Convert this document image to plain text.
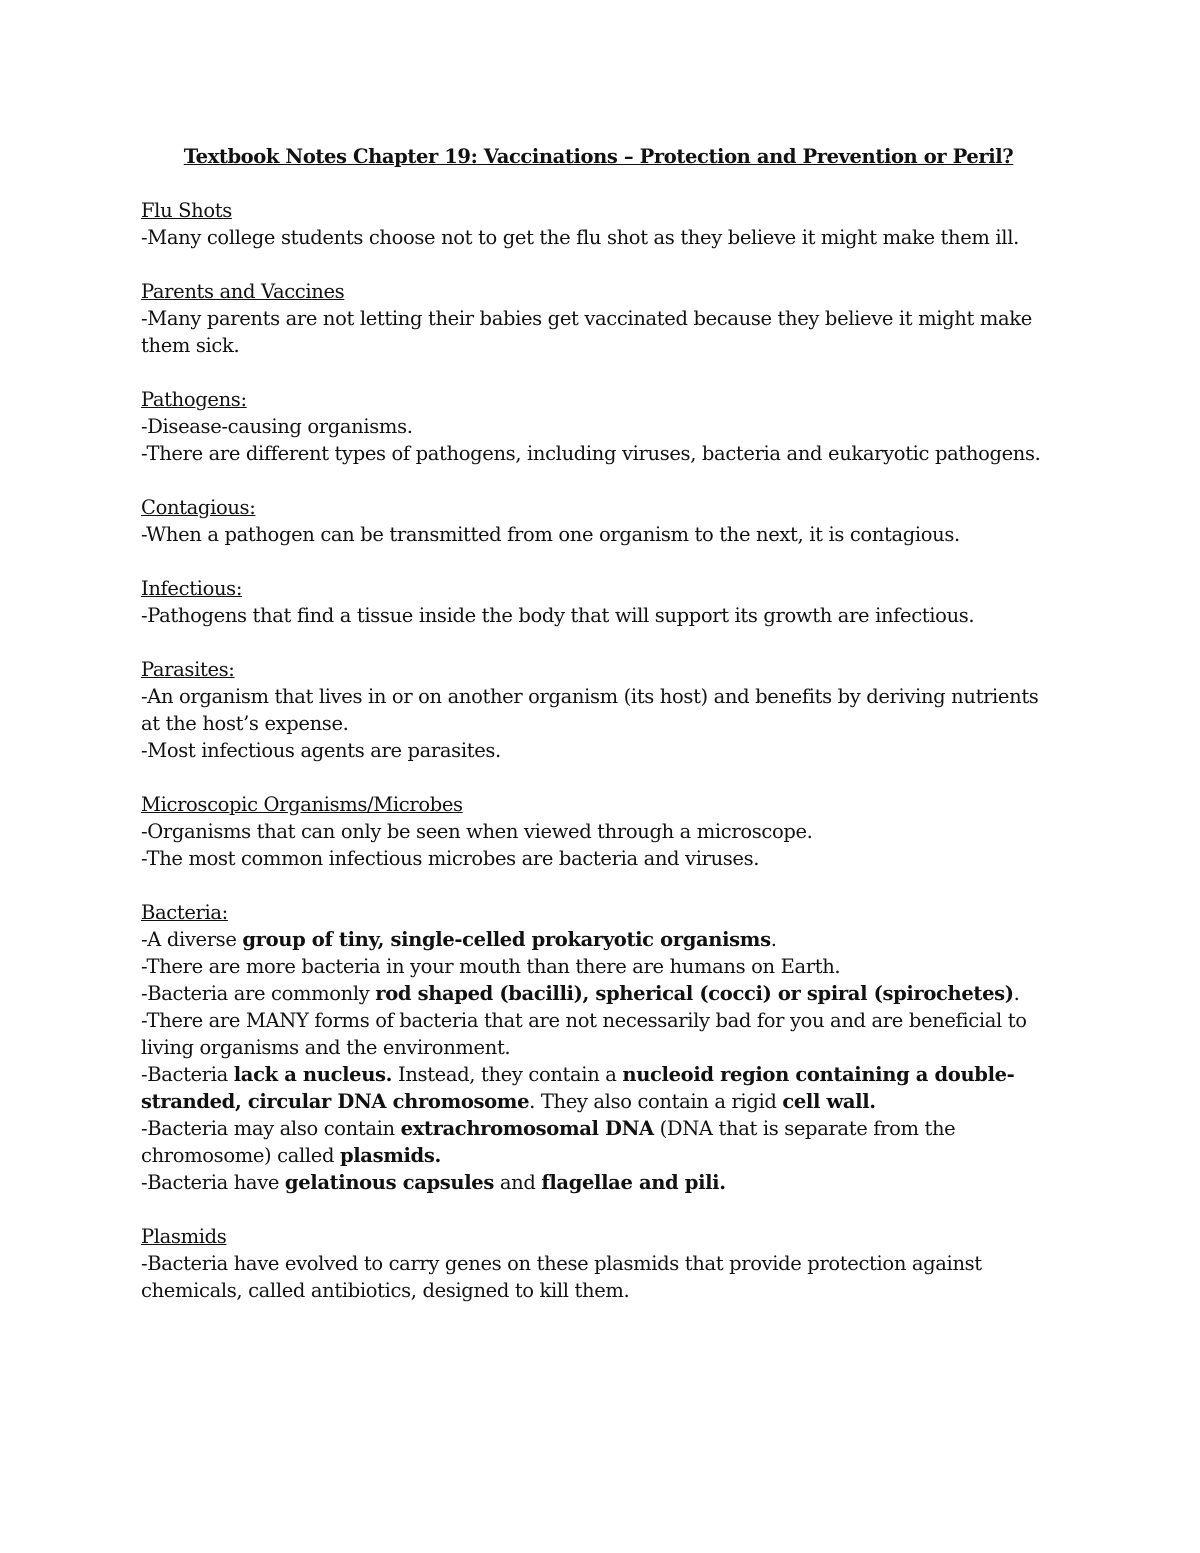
Textbook Notes Chapter 19: Vaccinations – Protection and Prevention or Peril?
Flu Shots
-Many college students choose not to get the flu shot as they believe it might make them ill.
Parents and Vaccines
-Many parents are not letting their babies get vaccinated because they believe it might make them sick.
Pathogens:
-Disease-causing organisms.
-There are different types of pathogens, including viruses, bacteria and eukaryotic pathogens.
Contagious:
-When a pathogen can be transmitted from one organism to the next, it is contagious.
Infectious:
-Pathogens that find a tissue inside the body that will support its growth are infectious.
Parasites:
-An organism that lives in or on another organism (its host) and benefits by deriving nutrients at the host’s expense.
-Most infectious agents are parasites.
Microscopic Organisms/Microbes
-Organisms that can only be seen when viewed through a microscope.
-The most common infectious microbes are bacteria and viruses.
Bacteria:
-A diverse group of tiny, single-celled prokaryotic organisms.
-There are more bacteria in your mouth than there are humans on Earth.
-Bacteria are commonly rod shaped (bacilli), spherical (cocci) or spiral (spirochetes).
-There are MANY forms of bacteria that are not necessarily bad for you and are beneficial to living organisms and the environment.
-Bacteria lack a nucleus. Instead, they contain a nucleoid region containing a double-stranded, circular DNA chromosome. They also contain a rigid cell wall.
-Bacteria may also contain extrachromosomal DNA (DNA that is separate from the chromosome) called plasmids.
-Bacteria have gelatinous capsules and flagellae and pili.
Plasmids
-Bacteria have evolved to carry genes on these plasmids that provide protection against chemicals, called antibiotics, designed to kill them.
